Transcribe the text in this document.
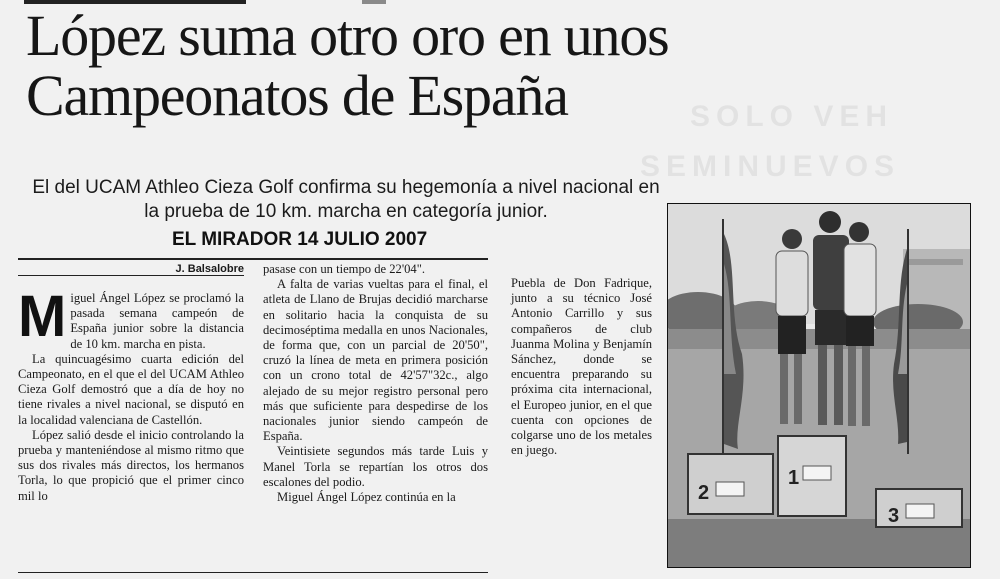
SOLO VEH
SEMINUEVOS
López suma otro oro en unos
Campeonatos de España
El del UCAM Athleo Cieza Golf confirma su hegemonía a nivel nacional en la prueba de 10 km. marcha en categoría junior.
EL MIRADOR 14 JULIO 2007
J. Balsalobre
M iguel Ángel López se proclamó la pasada semana campeón de España junior sobre la distancia de 10 km. marcha en pista.

La quincuagésimo cuarta edición del Campeonato, en el que el del UCAM Athleo Cieza Golf demostró que a día de hoy no tiene rivales a nivel nacional, se disputó en la localidad valenciana de Castellón.

López salió desde el inicio controlando la prueba y manteniéndose al mismo ritmo que sus dos rivales más directos, los hermanos Torla, lo que propició que el primer cinco mil lo

pasase con un tiempo de 22'04".

A falta de varias vueltas para el final, el atleta de Llano de Brujas decidió marcharse en solitario hacia la conquista de su decimoséptima medalla en unos Nacionales, de forma que, con un parcial de 20'50", cruzó la línea de meta en primera posición con un crono total de 42'57"32c., algo alejado de su mejor registro personal pero más que suficiente para despedirse de los nacionales junior siendo campeón de España.

Veintisiete segundos más tarde Luis y Manel Torla se repartían los otros dos escalones del podio.

Miguel Ángel López continúa en la

Puebla de Don Fadrique, junto a su técnico José Antonio Carrillo y sus compañeros de club Juanma Molina y Benjamín Sánchez, donde se encuentra preparando su próxima cita internacional, el Europeo junior, en el que cuenta con opciones de colgarse uno de los metales en juego.

2
1
3
